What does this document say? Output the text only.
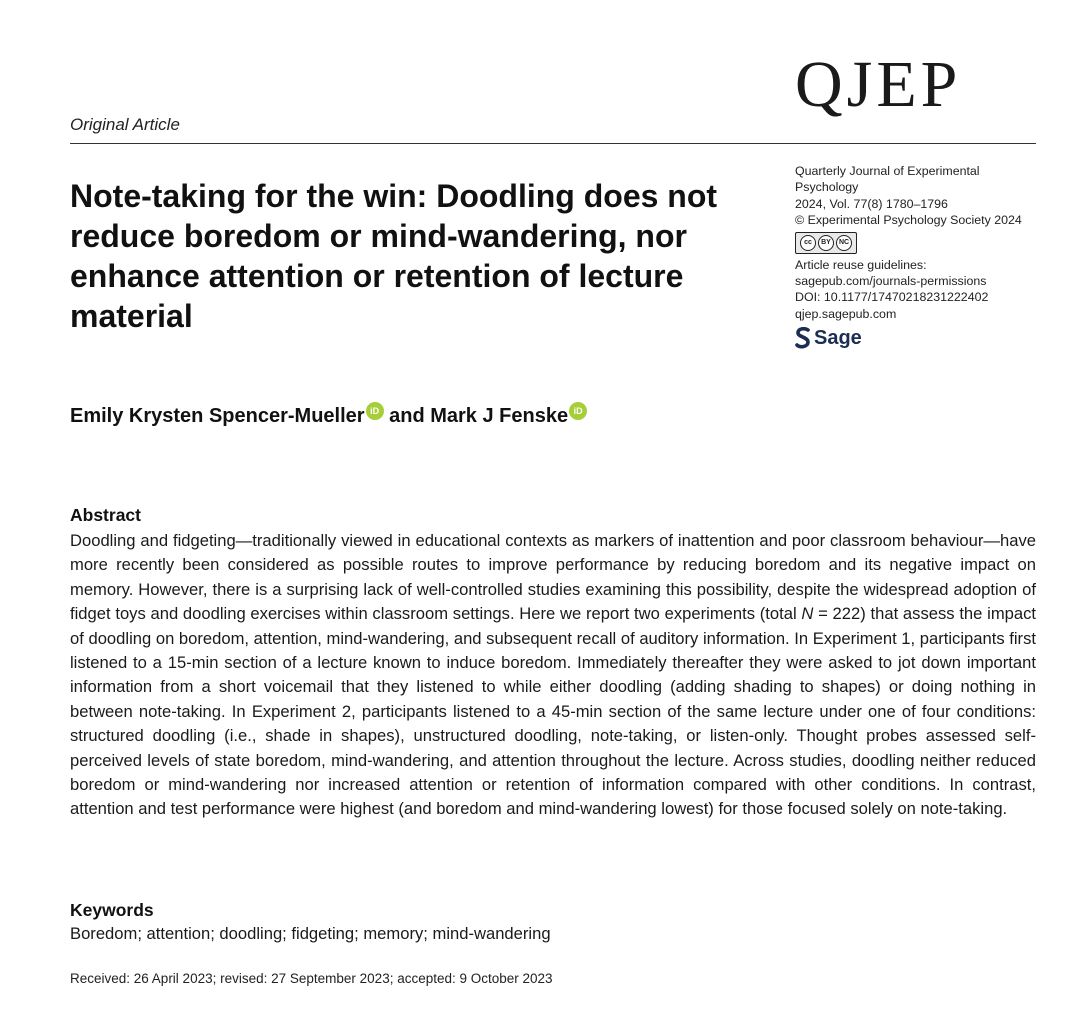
QJEP
Original Article
Note-taking for the win: Doodling does not reduce boredom or mind-wandering, nor enhance attention or retention of lecture material
Quarterly Journal of Experimental
Psychology
2024, Vol. 77(8) 1780–1796
© Experimental Psychology Society 2024
cc	BY	NC
Article reuse guidelines:
sagepub.com/journals-permissions
DOI: 10.1177/17470218231222402
qjep.sagepub.com
Sage
Emily Krysten Spencer-Mueller iD and Mark J Fenske iD
Abstract

Doodling and fidgeting—traditionally viewed in educational contexts as markers of inattention and poor classroom behaviour—have more recently been considered as possible routes to improve performance by reducing boredom and its negative impact on memory. However, there is a surprising lack of well-controlled studies examining this possibility, despite the widespread adoption of fidget toys and doodling exercises within classroom settings. Here we report two experiments (total N = 222) that assess the impact of doodling on boredom, attention, mind-wandering, and subsequent recall of auditory information. In Experiment 1, participants first listened to a 15-min section of a lecture known to induce boredom. Immediately thereafter they were asked to jot down important information from a short voicemail that they listened to while either doodling (adding shading to shapes) or doing nothing in between note-taking. In Experiment 2, participants listened to a 45-min section of the same lecture under one of four conditions: structured doodling (i.e., shade in shapes), unstructured doodling, note-taking, or listen-only. Thought probes assessed self-perceived levels of state boredom, mind-wandering, and attention throughout the lecture. Across studies, doodling neither reduced boredom or mind-wandering nor increased attention or retention of information compared with other conditions. In contrast, attention and test performance were highest (and boredom and mind-wandering lowest) for those focused solely on note-taking.

Keywords
Boredom; attention; doodling; fidgeting; memory; mind-wandering
Received: 26 April 2023; revised: 27 September 2023; accepted: 9 October 2023
